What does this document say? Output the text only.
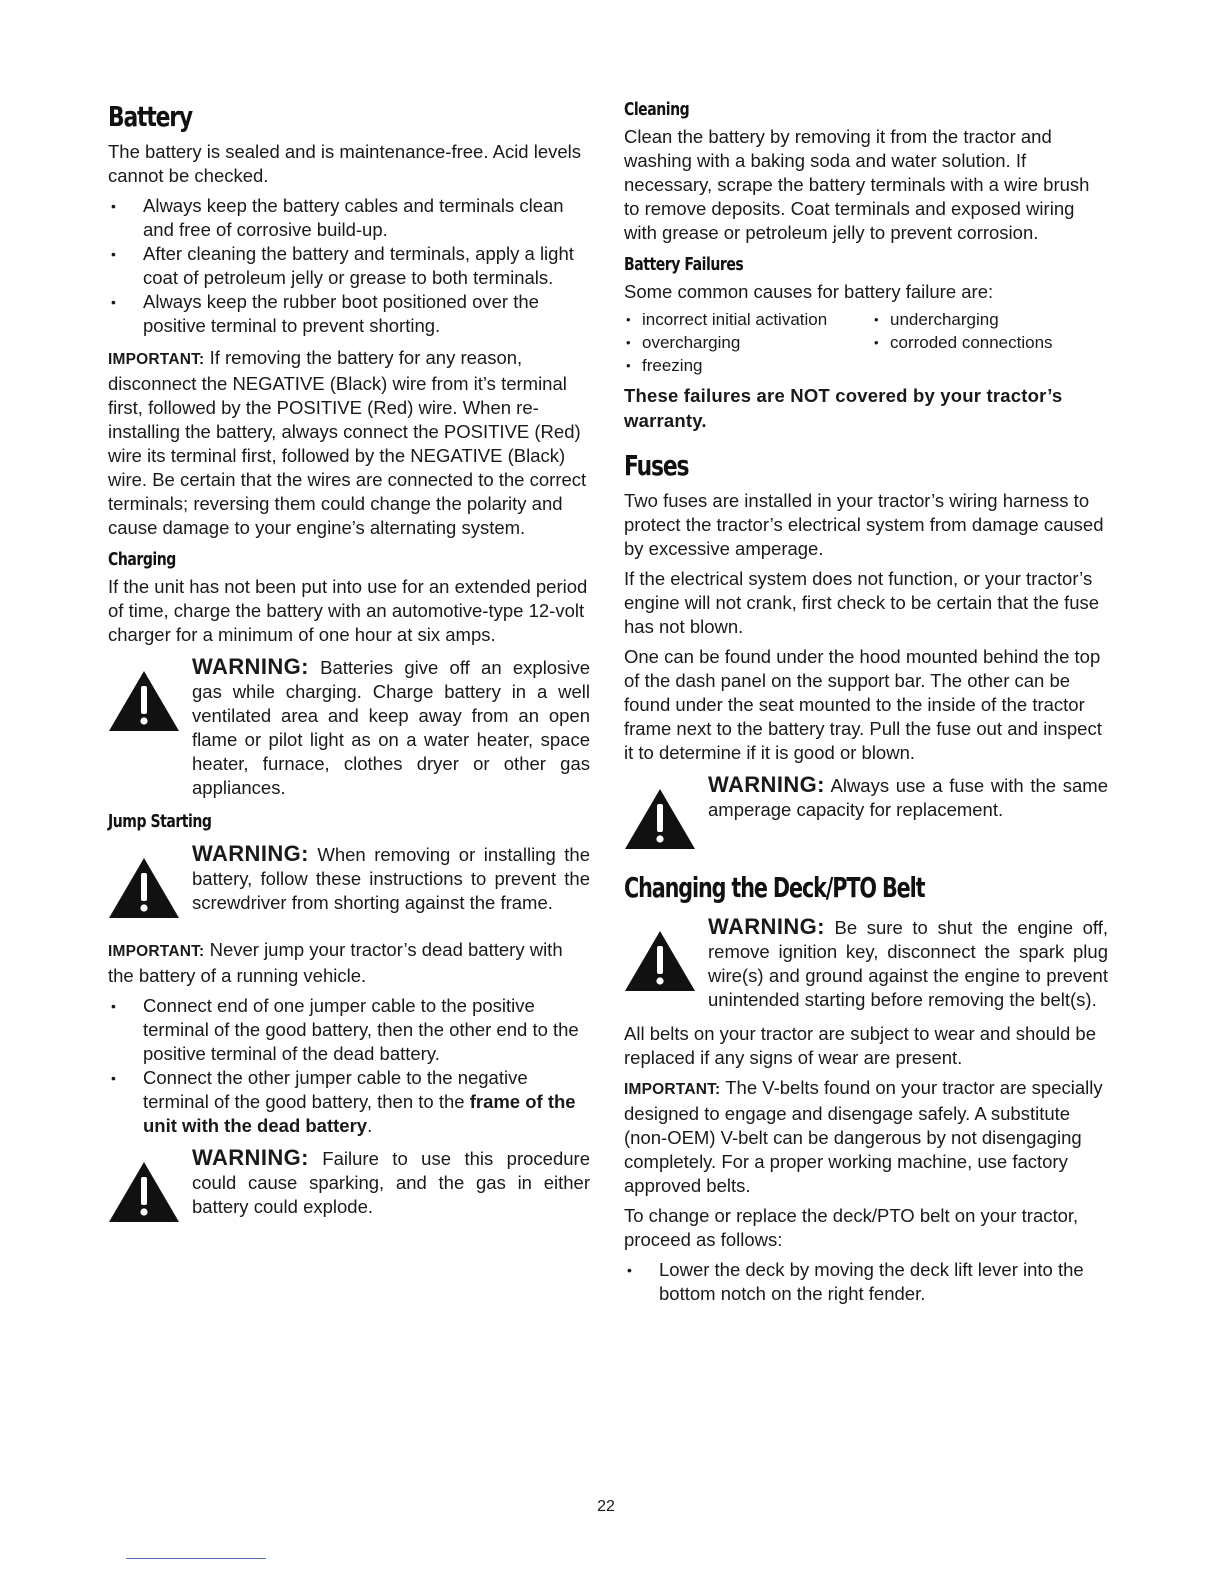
Battery

The battery is sealed and is maintenance-free. Acid levels cannot be checked.

• Always keep the battery cables and terminals clean and free of corrosive build-up.
• After cleaning the battery and terminals, apply a light coat of petroleum jelly or grease to both terminals.
• Always keep the rubber boot positioned over the positive terminal to prevent shorting.

IMPORTANT: If removing the battery for any reason, disconnect the NEGATIVE (Black) wire from it’s terminal first, followed by the POSITIVE (Red) wire. When re-installing the battery, always connect the POSITIVE (Red) wire its terminal first, followed by the NEGATIVE (Black) wire. Be certain that the wires are connected to the correct terminals; reversing them could change the polarity and cause damage to your engine’s alternating system.

Charging

If the unit has not been put into use for an extended period of time, charge the battery with an automotive-type 12-volt charger for a minimum of one hour at six amps.

WARNING: Batteries give off an explosive gas while charging. Charge battery in a well ventilated area and keep away from an open flame or pilot light as on a water heater, space heater, furnace, clothes dryer or other gas appliances.
Jump Starting
WARNING: When removing or installing the battery, follow these instructions to prevent the screwdriver from shorting against the frame.

IMPORTANT: Never jump your tractor’s dead battery with the battery of a running vehicle.

• Connect end of one jumper cable to the positive terminal of the good battery, then the other end to the positive terminal of the dead battery.
• Connect the other jumper cable to the negative terminal of the good battery, then to the frame of the unit with the dead battery.
WARNING: Failure to use this procedure could cause sparking, and the gas in either battery could explode.
Cleaning

Clean the battery by removing it from the tractor and washing with a baking soda and water solution. If necessary, scrape the battery terminals with a wire brush to remove deposits. Coat terminals and exposed wiring with grease or petroleum jelly to prevent corrosion.

Battery Failures

Some common causes for battery failure are:

• incorrect initial activation	• undercharging
• overcharging	• corroded connections
• freezing
These failures are NOT covered by your tractor’s warranty.
Fuses

Two fuses are installed in your tractor’s wiring harness to protect the tractor’s electrical system from damage caused by excessive amperage.

If the electrical system does not function, or your tractor’s engine will not crank, first check to be certain that the fuse has not blown.

One can be found under the hood mounted behind the top of the dash panel on the support bar. The other can be found under the seat mounted to the inside of the tractor frame next to the battery tray. Pull the fuse out and inspect it to determine if it is good or blown.

WARNING: Always use a fuse with the same amperage capacity for replacement.
Changing the Deck/PTO Belt
WARNING: Be sure to shut the engine off, remove ignition key, disconnect the spark plug wire(s) and ground against the engine to prevent unintended starting before removing the belt(s).

All belts on your tractor are subject to wear and should be replaced if any signs of wear are present.

IMPORTANT: The V-belts found on your tractor are specially designed to engage and disengage safely. A substitute (non-OEM) V-belt can be dangerous by not disengaging completely. For a proper working machine, use factory approved belts.

To change or replace the deck/PTO belt on your tractor, proceed as follows:

• Lower the deck by moving the deck lift lever into the bottom notch on the right fender.
22
